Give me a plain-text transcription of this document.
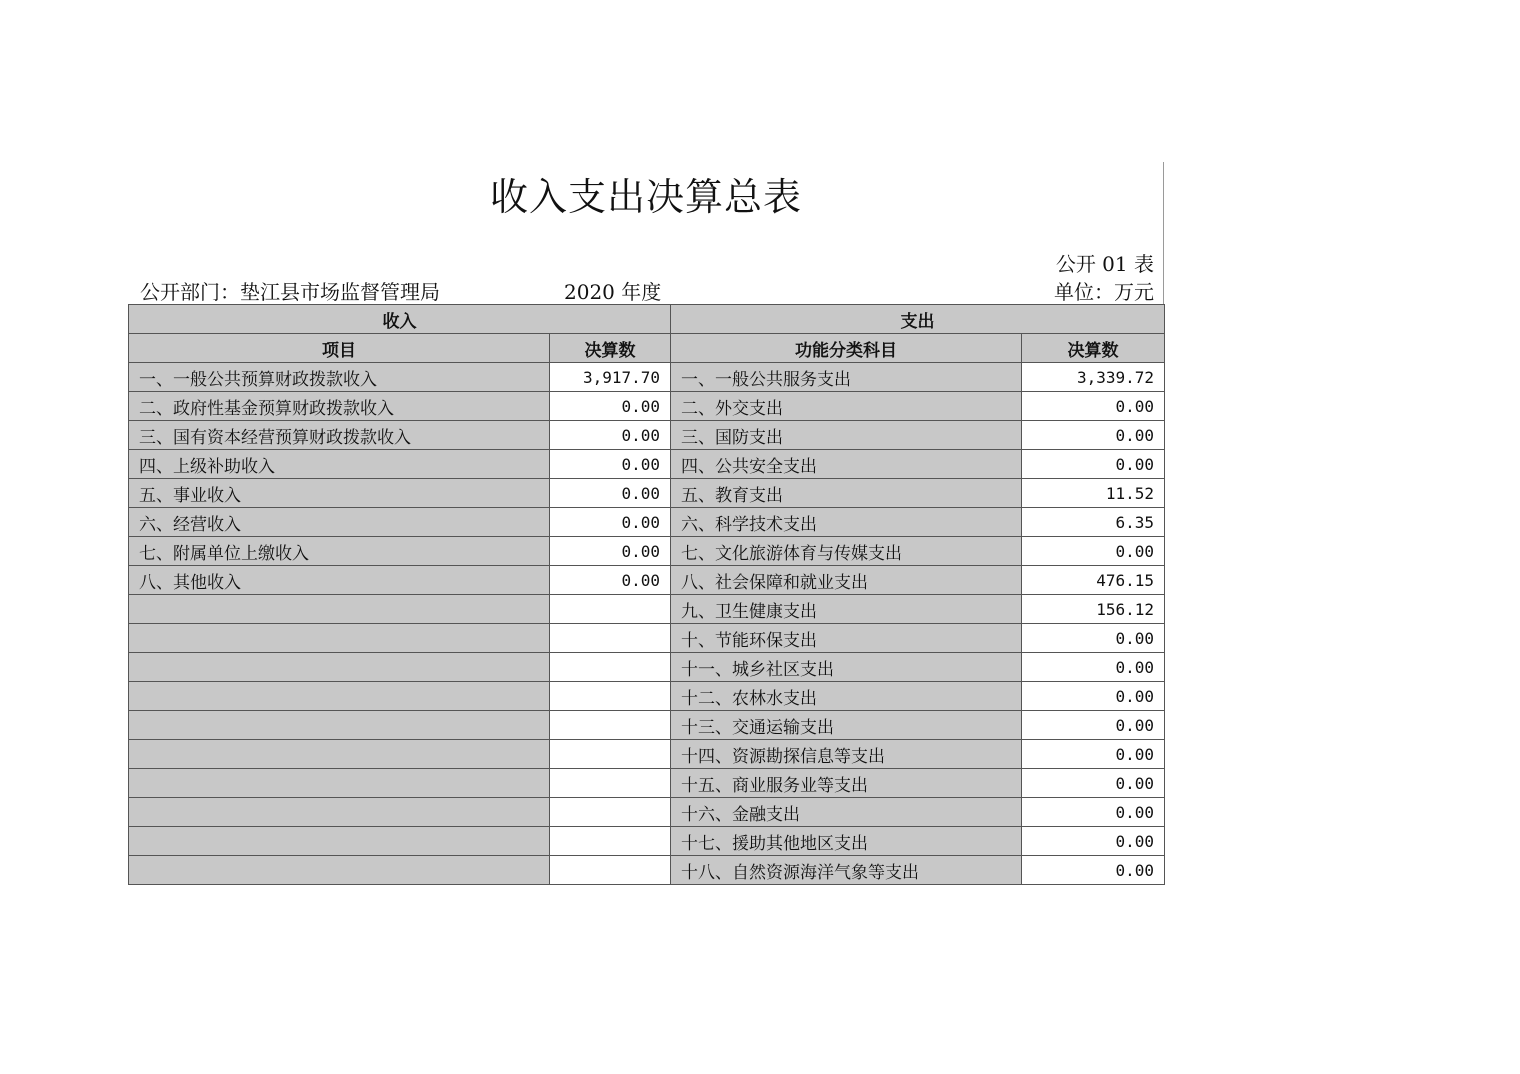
收入支出决算总表
公开 01 表
公开部门：垫江县市场监督管理局	2020 年度	单位：万元
收入		支出	
项目	决算数	功能分类科目	决算数
一、一般公共预算财政拨款收入	3,917.70	一、一般公共服务支出	3,339.72
二、政府性基金预算财政拨款收入	0.00	二、外交支出	0.00
三、国有资本经营预算财政拨款收入	0.00	三、国防支出	0.00
四、上级补助收入	0.00	四、公共安全支出	0.00
五、事业收入	0.00	五、教育支出	11.52
六、经营收入	0.00	六、科学技术支出	6.35
七、附属单位上缴收入	0.00	七、文化旅游体育与传媒支出	0.00
八、其他收入	0.00	八、社会保障和就业支出	476.15
		九、卫生健康支出	156.12
		十、节能环保支出	0.00
		十一、城乡社区支出	0.00
		十二、农林水支出	0.00
		十三、交通运输支出	0.00
		十四、资源勘探信息等支出	0.00
		十五、商业服务业等支出	0.00
		十六、金融支出	0.00
		十七、援助其他地区支出	0.00
		十八、自然资源海洋气象等支出	0.00
